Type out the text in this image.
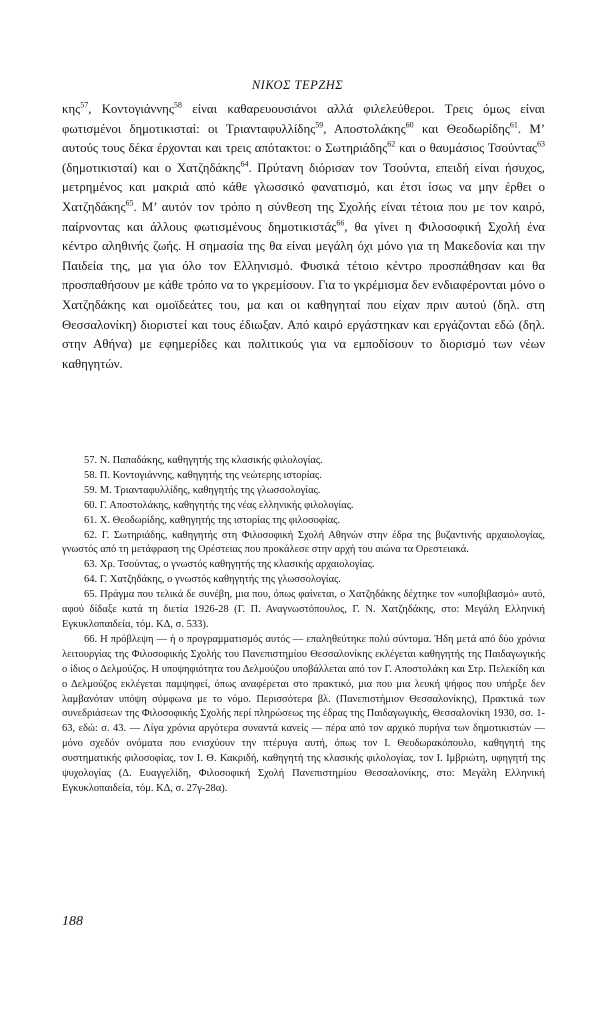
ΝΙΚΟΣ ΤΕΡΖΗΣ
κης$^{57}$, Κοντογιάννης$^{58}$ είναι καθαρευουσιάνοι αλλά φιλελεύθεροι. Τρεις όμως είναι φωτισμένοι δημοτικισταί: οι Τριανταφυλλίδης$^{59}$, Αποστολάκης$^{60}$ και Θεοδωρίδης$^{61}$. Μ’ αυτούς τους δέκα έρχονται και τρεις απότακτοι: ο Σωτηριάδης$^{62}$ και ο θαυμάσιος Τσούντας$^{63}$ (δημοτικισταί) και ο Χατζηδάκης$^{64}$. Πρύτανη διόρισαν τον Τσούντα, επειδή είναι ήσυχος, μετρημένος και μακριά από κάθε γλωσσικό φανατισμό, και έτσι ίσως να μην έρθει ο Χατζηδάκης$^{65}$. Μ’ αυτόν τον τρόπο η σύνθεση της Σχολής είναι τέτοια που με τον καιρό, παίρνοντας και άλλους φωτισμένους δημοτικιστάς$^{66}$, θα γίνει η Φιλοσοφική Σχολή ένα κέντρο αληθινής ζωής. Η σημασία της θα είναι μεγάλη όχι μόνο για τη Μακεδονία και την Παιδεία της, μα για όλο τον Ελληνισμό. Φυσικά τέτοιο κέντρο προσπάθησαν και θα προσπαθήσουν με κάθε τρόπο να το γκρεμίσουν. Για το γκρέμισμα δεν ενδιαφέρονται μόνο ο Χατζηδάκης και ομοϊδεάτες του, μα και οι καθηγηταί που είχαν πριν αυτού (δηλ. στη Θεσσαλονίκη) διοριστεί και τους έδιωξαν. Από καιρό εργάστηκαν και εργάζονται εδώ (δηλ. στην Αθήνα) με εφημερίδες και πολιτικούς για να εμποδίσουν το διορισμό των νέων καθηγητών.

57. Ν. Παπαδάκης, καθηγητής της κλασικής φιλολογίας.

58. Π. Κοντογιάννης, καθηγητής της νεώτερης ιστορίας.

59. Μ. Τριανταφυλλίδης, καθηγητής της γλωσσολογίας.

60. Γ. Αποστολάκης, καθηγητής της νέας ελληνικής φιλολογίας.

61. Χ. Θεοδωρίδης, καθηγητής της ιστορίας της φιλοσοφίας.

62. Γ. Σωτηριάδης, καθηγητής στη Φιλοσοφική Σχολή Αθηνών στην έδρα της βυζαντινής αρχαιολογίας, γνωστός από τη μετάφραση της Ορέστειας που προκάλεσε στην αρχή του αιώνα τα Ορεστειακά.

63. Χρ. Τσούντας, ο γνωστός καθηγητής της κλασικής αρχαιολογίας.

64. Γ. Χατζηδάκης, ο γνωστός καθηγητής της γλωσσολογίας.

65. Πράγμα που τελικά δε συνέβη, μια που, όπως φαίνεται, ο Χατζηδάκης δέχτηκε τον «υποβιβασμό» αυτό, αφού δίδαξε κατά τη διετία 1926-28 (Γ. Π. Αναγνωστόπουλος, Γ. Ν. Χατζηδάκης, στο: Μεγάλη Ελληνική Εγκυκλοπαιδεία, τόμ. ΚΔ, σ. 533).

66. Η πρόβλεψη — ή ο προγραμματισμός αυτός — επαληθεύτηκε πολύ σύντομα. Ήδη μετά από δύο χρόνια λειτουργίας της Φιλοσοφικής Σχολής του Πανεπιστημίου Θεσσαλονίκης εκλέγεται καθηγητής της Παιδαγωγικής ο ίδιος ο Δελμούζος. Η υποψηφιότητα του Δελμούζου υποβάλλεται από τον Γ. Αποστολάκη και Στρ. Πελεκίδη και ο Δελμούζος εκλέγεται παμψηφεί, όπως αναφέρεται στο πρακτικό, μια που μια λευκή ψήφος που υπήρξε δεν λαμβανόταν υπόψη σύμφωνα με το νόμο. Περισσότερα βλ. (Πανεπιστήμιον Θεσσαλονίκης), Πρακτικά των συνεδριάσεων της Φιλοσοφικής Σχολής περί πληρώσεως της έδρας της Παιδαγωγικής, Θεσσαλονίκη 1930, σσ. 1-63, εδώ: σ. 43. — Λίγα χρόνια αργότερα συναντά κανείς — πέρα από τον αρχικό πυρήνα των δημοτικιστών — μόνο σχεδόν ονόματα που ενισχύουν την πτέρυγα αυτή, όπως τον Ι. Θεοδωρακόπουλο, καθηγητή της συστηματικής φιλοσοφίας, τον Ι. Θ. Κακριδή, καθηγητή της κλασικής φιλολογίας, τον Ι. Ιμβριώτη, υφηγητή της ψυχολογίας (Δ. Ευαγγελίδη, Φιλοσοφική Σχολή Πανεπιστημίου Θεσσαλονίκης, στο: Μεγάλη Ελληνική Εγκυκλοπαιδεία, τόμ. ΚΔ, σ. 27γ-28α).

188
